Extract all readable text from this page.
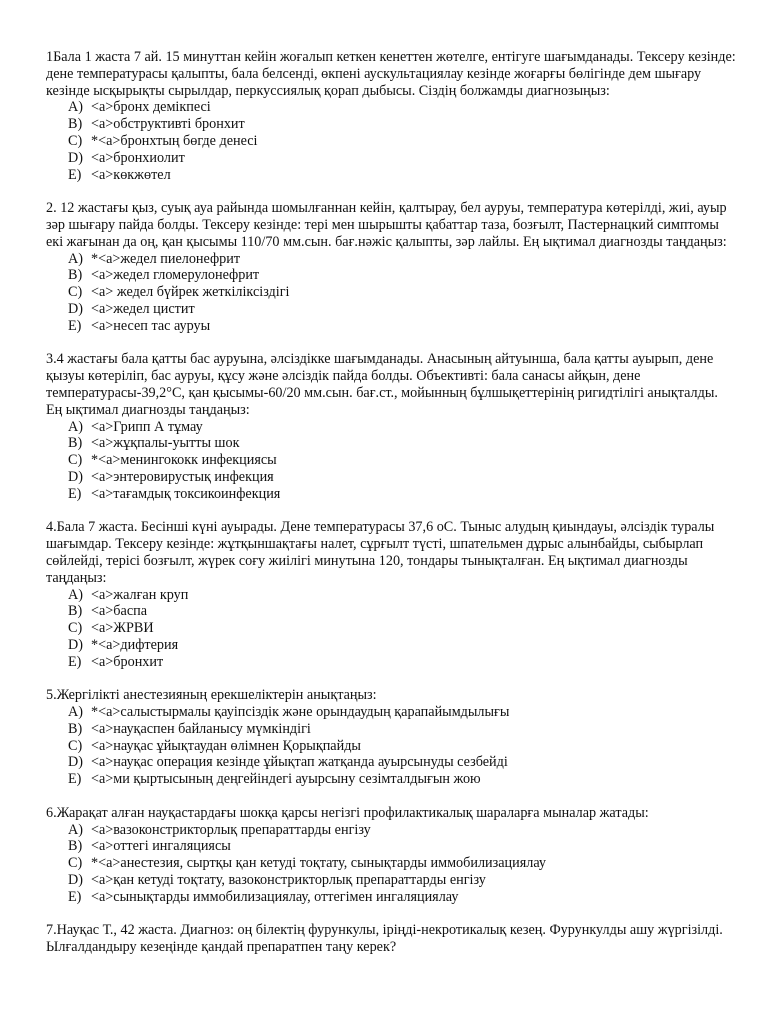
1Бала 1 жаста 7 ай. 15 минуттан кейін жоғалып кеткен кенеттен жөтелге, ентігуге шағымданады. Тексеру кезінде: дене температурасы қалыпты, бала белсенді, өкпені аускультациялау кезінде жоғарғы бөлігінде дем шығару кезінде ысқырықты сырылдар, перкуссиялық қорап дыбысы. Сіздің болжамды диагнозыңыз:

A) <a>бронх демікпесі
B) <a>обструктивті бронхит
C) *<a>бронхтың бөгде денесі
D) <a>бронхиолит
E) <a>көкжөтел

2. 12 жастағы қыз, суық ауа райында шомылғаннан кейін, қалтырау, бел ауруы, температура көтерілді, жиі, ауыр зәр шығару пайда болды. Тексеру кезінде: тері мен шырышты қабаттар таза, бозғылт, Пастернацкий симптомы екі жағынан да оң, қан қысымы 110/70 мм.сын. бағ.нәжіс қалыпты, зәр лайлы. Ең ықтимал диагнозды таңдаңыз:

A) *<a>жедел пиелонефрит
B) <a>жедел гломерулонефрит
C) <a> жедел бүйрек жеткіліксіздігі
D) <a>жедел цистит
E) <a>несеп тас ауруы

3.4 жастағы бала қатты бас ауруына, әлсіздікке шағымданады. Анасының айтуынша, бала қатты ауырып, дене қызуы көтеріліп, бас ауруы, құсу және әлсіздік пайда болды. Объективті: бала санасы айқын, дене температурасы-39,2°С, қан қысымы-60/20 мм.сын. бағ.ст., мойынның бұлшықеттерінің ригидтілігі анықталды. Ең ықтимал диагнозды таңдаңыз:

A) <a>Грипп А тұмау
B) <a>жұқпалы-уытты шок
C) *<a>менингококк инфекциясы
D) <a>энтеровирустық инфекция
E) <a>тағамдық токсикоинфекция

4.Бала 7 жаста. Бесінші күні ауырады. Дене температурасы 37,6 оС. Тыныс алудың қиындауы, әлсіздік туралы шағымдар. Тексеру кезінде: жұтқыншақтағы налет, сұрғылт түсті, шпательмен дұрыс алынбайды, сыбырлап сөйлейді, терісі бозғылт, жүрек соғу жиілігі минутына 120, тондары тынықталған. Ең ықтимал диагнозды таңдаңыз:

A) <a>жалған круп
B) <a>баспа
C) <a>ЖРВИ
D) *<a>дифтерия
E) <a>бронхит

5.Жергілікті анестезияның ерекшеліктерін анықтаңыз:

A) *<a>салыстырмалы қауіпсіздік және орындаудың қарапайымдылығы
B) <a>науқаспен байланысу мүмкіндігі
C) <a>науқас ұйықтаудан өлімнен Қорықпайды
D) <a>науқас операция кезінде ұйықтап жатқанда ауырсынуды сезбейді
E) <a>ми қыртысының деңгейіндегі ауырсыну сезімталдығын жою

6.Жарақат алған науқастардағы шокқа қарсы негізгі профилактикалық шараларға мыналар жатады:

A) <a>вазоконстрикторлық препараттарды енгізу
B) <a>оттегі ингаляциясы
C) *<a>анестезия, сыртқы қан кетуді тоқтату, сынықтарды иммобилизациялау
D) <a>қан кетуді тоқтату, вазоконстрикторлық препараттарды енгізу
E) <a>сынықтарды иммобилизациялау, оттегімен ингаляциялау

7.Науқас Т., 42 жаста. Диагноз: оң білектің фурункулы, іріңді-некротикалық кезең. Фурункулды ашу жүргізілді. Ылғалдандыру кезеңінде қандай препаратпен таңу керек?
